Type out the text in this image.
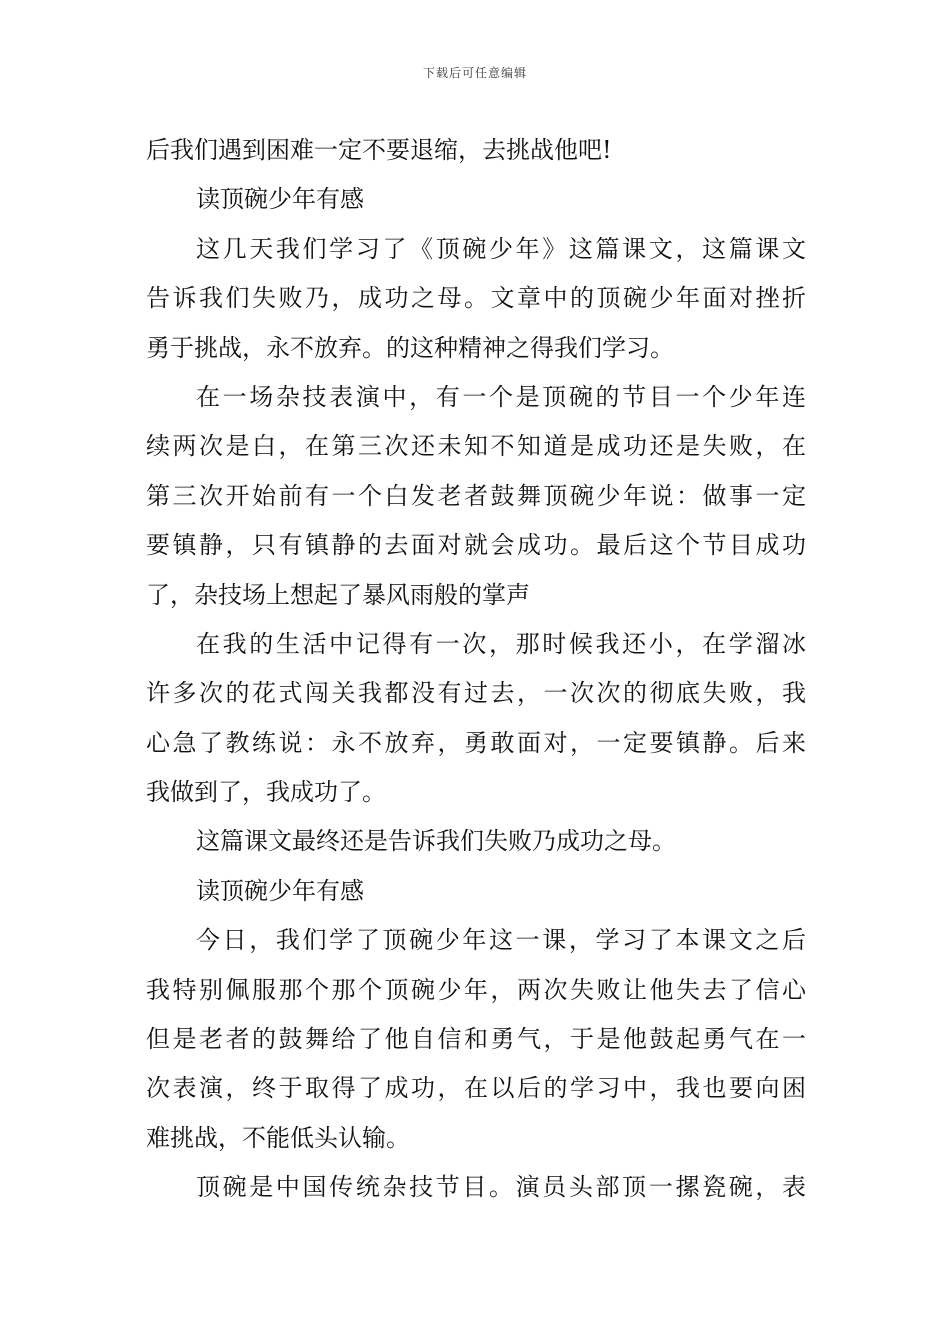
下载后可任意编辑
后我们遇到困难一定不要退缩，去挑战他吧!
读顶碗少年有感
这几天我们学习了《顶碗少年》这篇课文，这篇课文
告诉我们失败乃，成功之母。文章中的顶碗少年面对挫折
勇于挑战，永不放弃。的这种精神之得我们学习。
在一场杂技表演中，有一个是顶碗的节目一个少年连
续两次是白，在第三次还未知不知道是成功还是失败，在
第三次开始前有一个白发老者鼓舞顶碗少年说：做事一定
要镇静，只有镇静的去面对就会成功。最后这个节目成功
了，杂技场上想起了暴风雨般的掌声
在我的生活中记得有一次，那时候我还小，在学溜冰
许多次的花式闯关我都没有过去，一次次的彻底失败，我
心急了教练说：永不放弃，勇敢面对，一定要镇静。后来
我做到了，我成功了。
这篇课文最终还是告诉我们失败乃成功之母。
读顶碗少年有感
今日，我们学了顶碗少年这一课，学习了本课文之后
我特别佩服那个那个顶碗少年，两次失败让他失去了信心
但是老者的鼓舞给了他自信和勇气，于是他鼓起勇气在一
次表演，终于取得了成功，在以后的学习中，我也要向困
难挑战，不能低头认输。
顶碗是中国传统杂技节目。演员头部顶一摞瓷碗，表
